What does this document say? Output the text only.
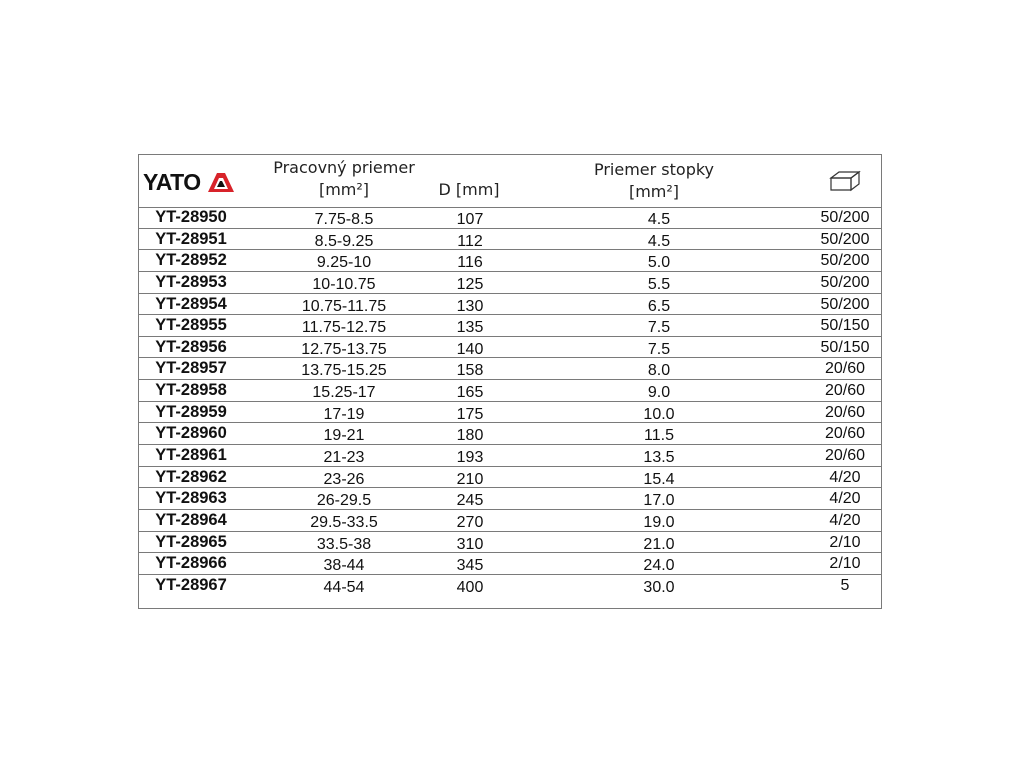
YATO
Pracovný priemer
[mm²]	D [mm]
Priemer stopky
[mm²]
YT-28950	7.75-8.5	107	4.5	50/200
YT-28951	8.5-9.25	112	4.5	50/200
YT-28952	9.25-10	116	5.0	50/200
YT-28953	10-10.75	125	5.5	50/200
YT-28954	10.75-11.75	130	6.5	50/200
YT-28955	11.75-12.75	135	7.5	50/150
YT-28956	12.75-13.75	140	7.5	50/150
YT-28957	13.75-15.25	158	8.0	20/60
YT-28958	15.25-17	165	9.0	20/60
YT-28959	17-19	175	10.0	20/60
YT-28960	19-21	180	11.5	20/60
YT-28961	21-23	193	13.5	20/60
YT-28962	23-26	210	15.4	4/20
YT-28963	26-29.5	245	17.0	4/20
YT-28964	29.5-33.5	270	19.0	4/20
YT-28965	33.5-38	310	21.0	2/10
YT-28966	38-44	345	24.0	2/10
YT-28967	44-54	400	30.0	5
